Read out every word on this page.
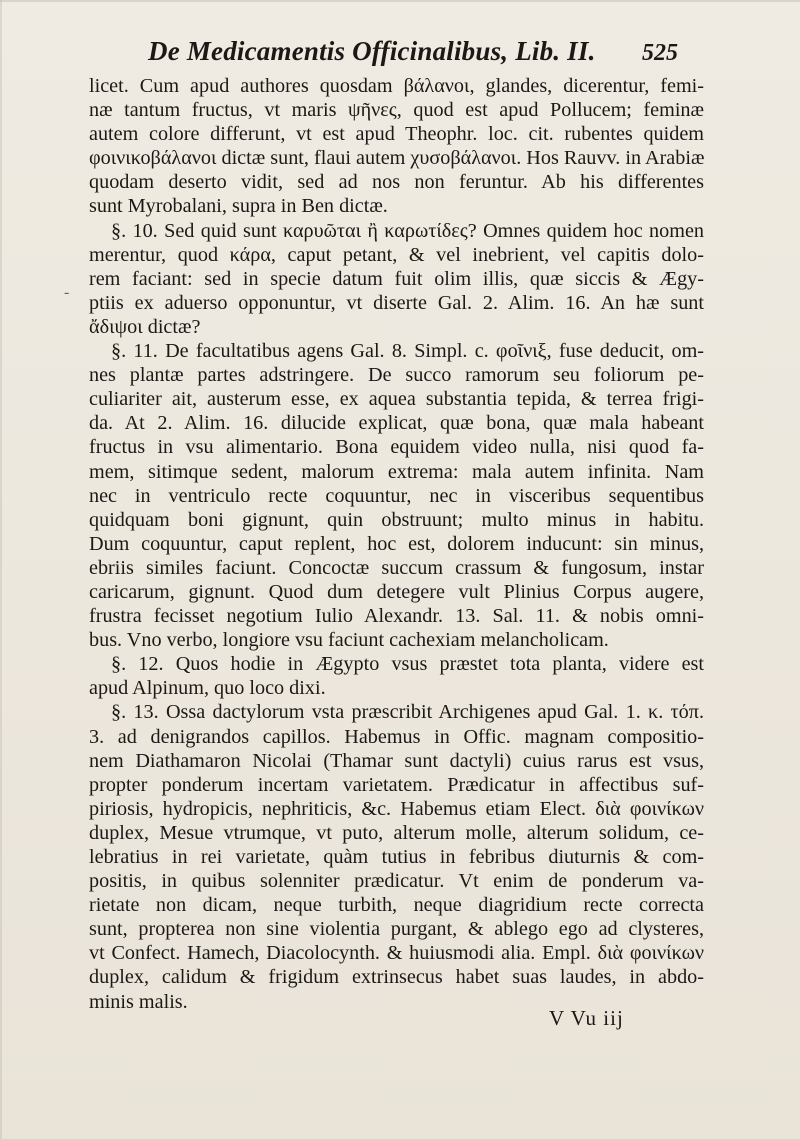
De Medicamentis Officinalibus, Lib. II. 525
licet. Cum apud authores quosdam βάλανοι, glandes, dicerentur, femi-
næ tantum fructus, vt maris ψῆνες, quod est apud Pollucem; feminæ
autem colore differunt, vt est apud Theophr. loc. cit. rubentes quidem
φοινικοβάλανοι dictæ sunt, flaui autem χυσοβάλανοι. Hos Rauvv. in Arabiæ
quodam deserto vidit, sed ad nos non feruntur. Ab his differentes
sunt Myrobalani, supra in Ben dictæ.
§. 10. Sed quid sunt καρυῶται ἢ καρωτίδες? Omnes quidem hoc nomen
merentur, quod κάρα, caput petant, & vel inebrient, vel capitis dolo-
rem faciant: sed in specie datum fuit olim illis, quæ siccis & Ægy-
ptiis ex aduerso opponuntur, vt diserte Gal. 2. Alim. 16. An hæ sunt
ἄδιψοι dictæ?
§. 11. De facultatibus agens Gal. 8. Simpl. c. φοῖνιξ, fuse deducit, om-
nes plantæ partes adstringere. De succo ramorum seu foliorum pe-
culiariter ait, austerum esse, ex aquea substantia tepida, & terrea frigi-
da. At 2. Alim. 16. dilucide explicat, quæ bona, quæ mala habeant
fructus in vsu alimentario. Bona equidem video nulla, nisi quod fa-
mem, sitimque sedent, malorum extrema: mala autem infinita. Nam
nec in ventriculo recte coquuntur, nec in visceribus sequentibus
quidquam boni gignunt, quin obstruunt; multo minus in habitu.
Dum coquuntur, caput replent, hoc est, dolorem inducunt: sin minus,
ebriis similes faciunt. Concoctæ succum crassum & fungosum, instar
caricarum, gignunt. Quod dum detegere vult Plinius Corpus augere,
frustra fecisset negotium Iulio Alexandr. 13. Sal. 11. & nobis omni-
bus. Vno verbo, longiore vsu faciunt cachexiam melancholicam.
§. 12. Quos hodie in Ægypto vsus præstet tota planta, videre est
apud Alpinum, quo loco dixi.
§. 13. Ossa dactylorum vsta præscribit Archigenes apud Gal. 1. κ. τόπ.
3. ad denigrandos capillos. Habemus in Offic. magnam compositio-
nem Diathamaron Nicolai (Thamar sunt dactyli) cuius rarus est vsus,
propter ponderum incertam varietatem. Prædicatur in affectibus suf-
piriosis, hydropicis, nephriticis, &c. Habemus etiam Elect. διὰ φοινίκων
duplex, Mesue vtrumque, vt puto, alterum molle, alterum solidum, ce-
lebratius in rei varietate, quàm tutius in febribus diuturnis & com-
positis, in quibus solenniter prædicatur. Vt enim de ponderum va-
rietate non dicam, neque turbith, neque diagridium recte correcta
sunt, propterea non sine violentia purgant, & ablego ego ad clysteres,
vt Confect. Hamech, Diacolocynth. & huiusmodi alia. Empl. διὰ φοινίκων
duplex, calidum & frigidum extrinsecus habet suas laudes, in abdo-
minis malis.
V Vu iij
-
